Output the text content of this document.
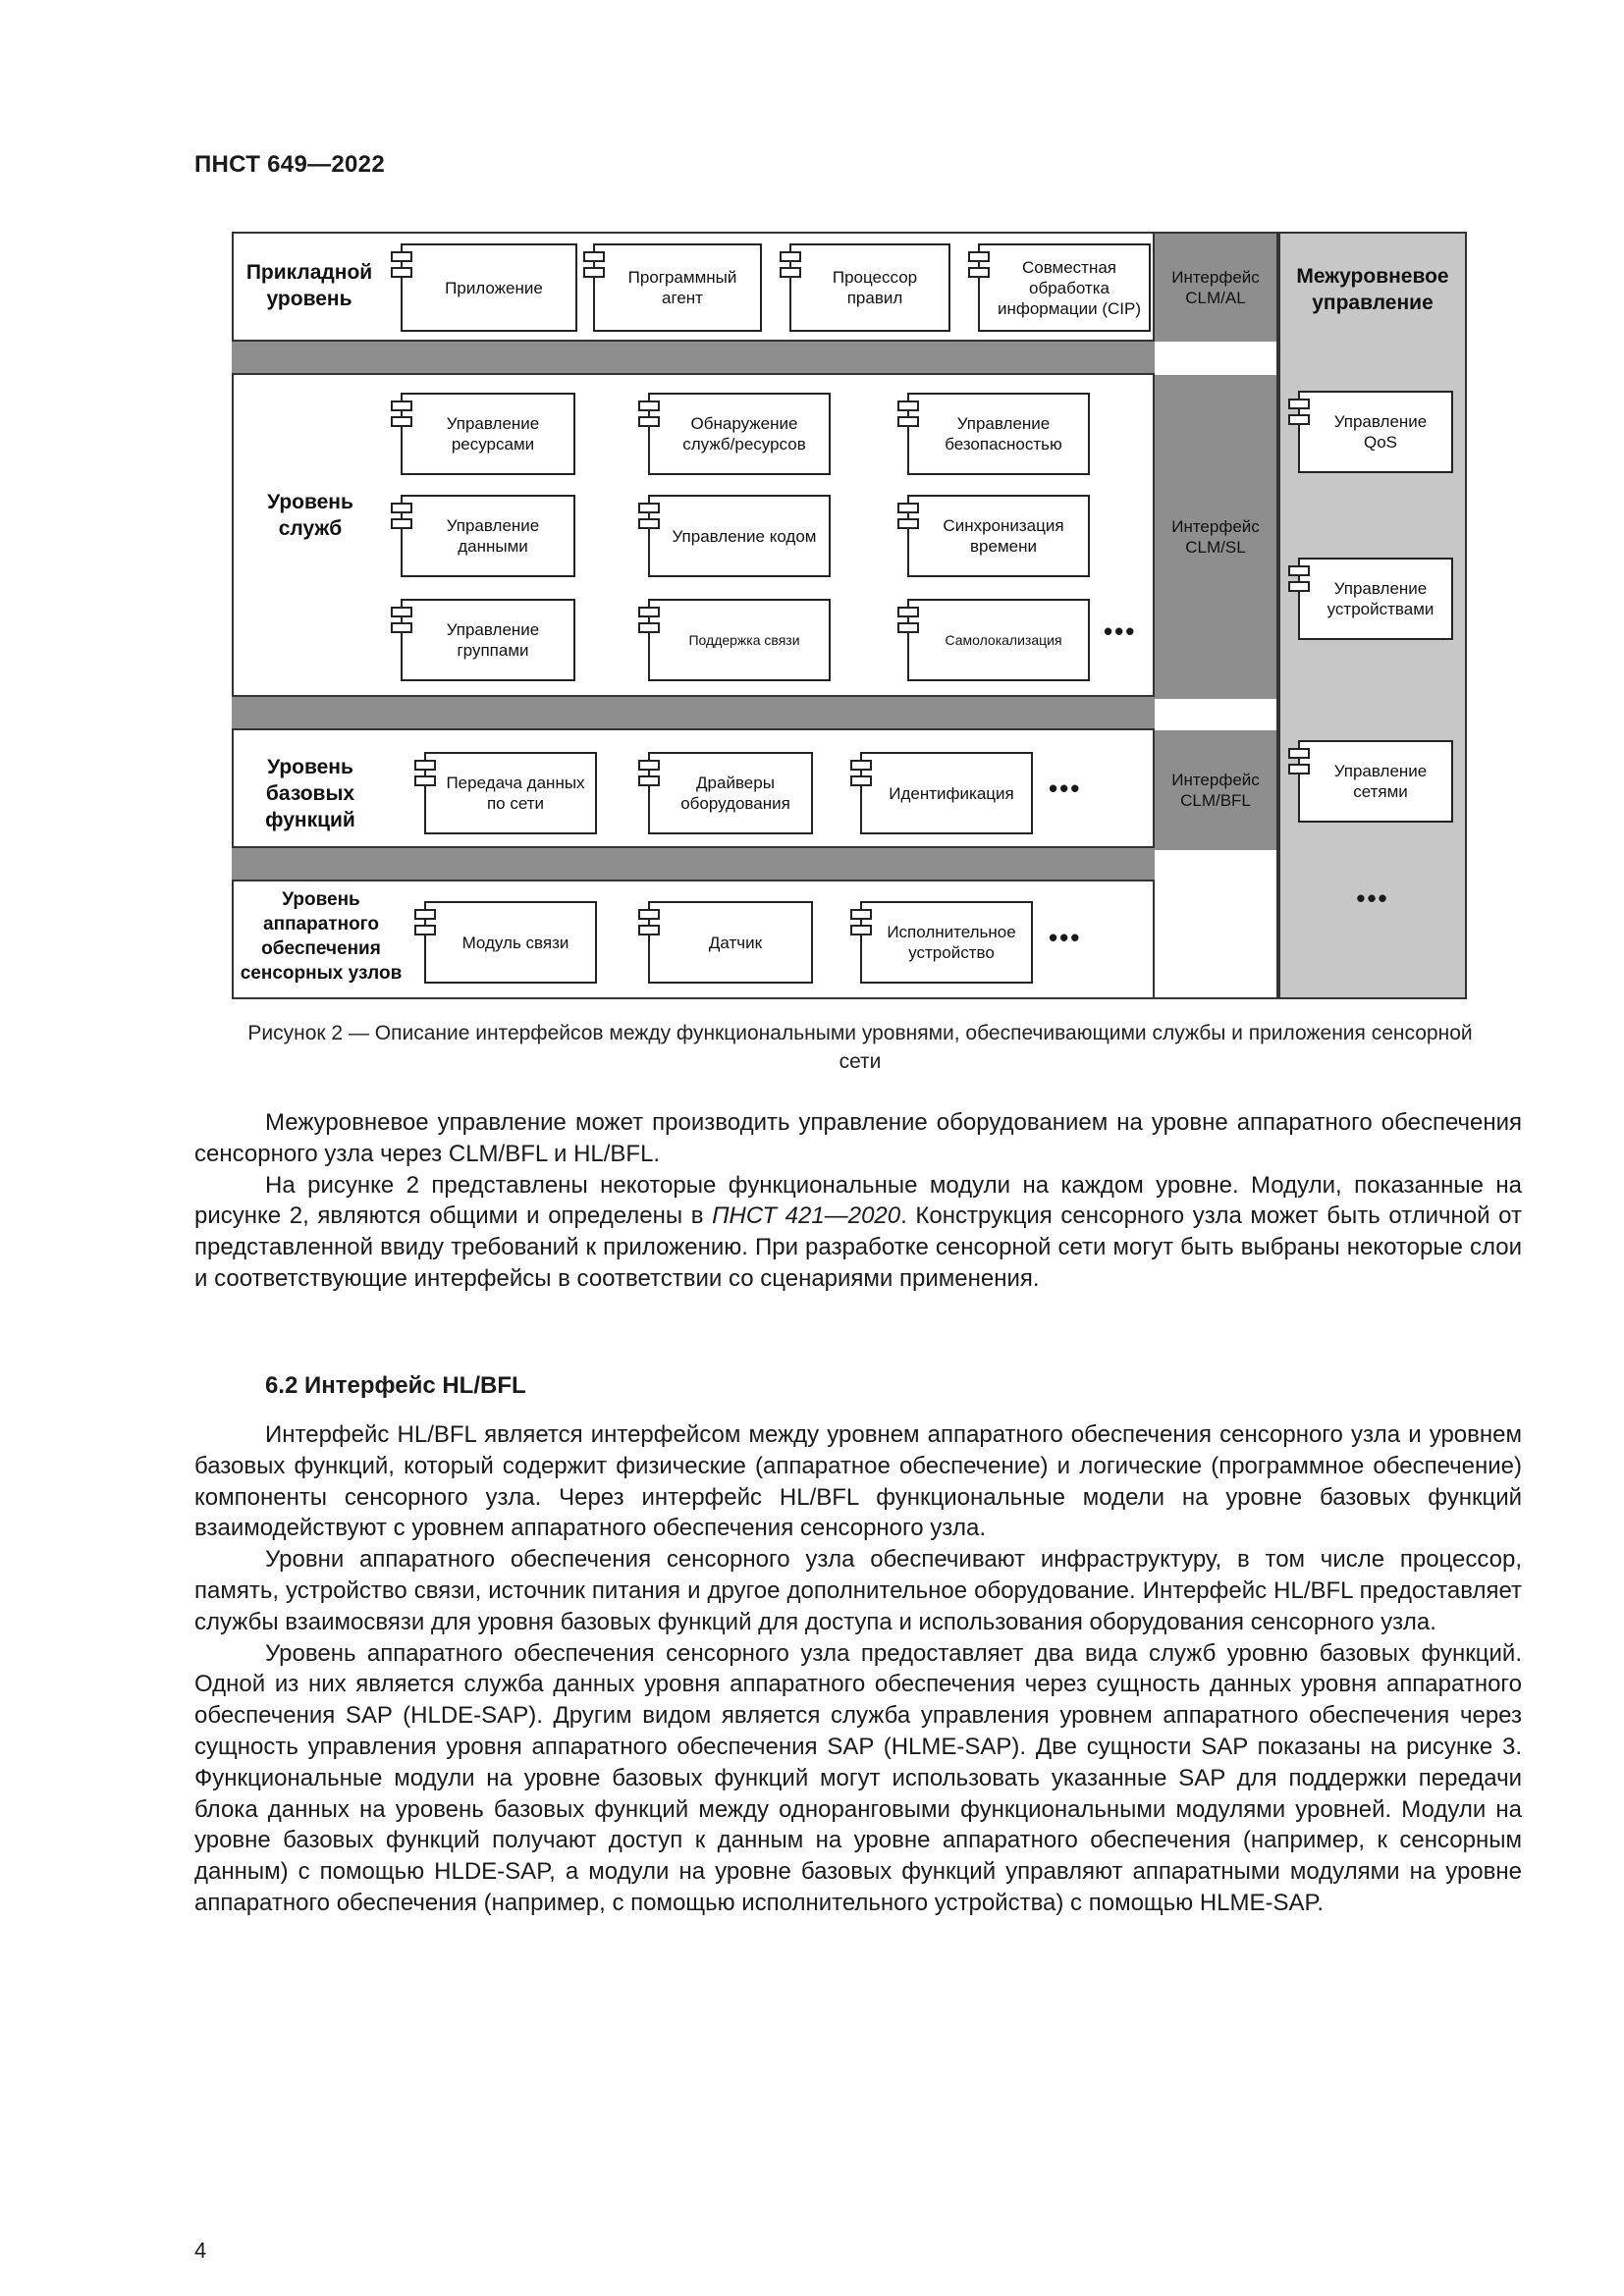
ПНСТ 649—2022
Прикладной уровень	Приложение
Программный агент
Процессор правил
Совместная обработка информации (CIP)
Уровень служб
Управление ресурсами
Обнаружение служб/ресурсов
Управление безопасностью
Управление данными
Управление кодом
Синхронизация времени
Управление группами
Поддержка связи	Самолокализация •••
Уровень базовых функций
Передача данных по сети
Драйверы оборудования
Идентификация •••
Уровень аппаратного обеспечения сенсорных узлов
Модуль связи	Датчик
Исполнительное устройство
•••
Интерфейс CLM/AL
Интерфейс CLM/SL
Интерфейс CLM/BFL
Межуровневое управление
Управление QoS
Управление устройствами
Управление сетями
•••
Рисунок 2 — Описание интерфейсов между функциональными уровнями, обеспечивающими службы и приложения сенсорной сети

Межуровневое управление может производить управление оборудованием на уровне аппаратного обеспечения сенсорного узла через CLM/BFL и HL/BFL.

На рисунке 2 представлены некоторые функциональные модули на каждом уровне. Модули, показанные на рисунке 2, являются общими и определены в ПНСТ 421—2020. Конструкция сенсорного узла может быть отличной от представленной ввиду требований к приложению. При разработке сенсорной сети могут быть выбраны некоторые слои и соответствующие интерфейсы в соответствии со сценариями применения.

6.2 Интерфейс HL/BFL

Интерфейс HL/BFL является интерфейсом между уровнем аппаратного обеспечения сенсорного узла и уровнем базовых функций, который содержит физические (аппаратное обеспечение) и логические (программное обеспечение) компоненты сенсорного узла. Через интерфейс HL/BFL функциональные модели на уровне базовых функций взаимодействуют с уровнем аппаратного обеспечения сенсорного узла.

Уровни аппаратного обеспечения сенсорного узла обеспечивают инфраструктуру, в том числе процессор, память, устройство связи, источник питания и другое дополнительное оборудование. Интерфейс HL/BFL предоставляет службы взаимосвязи для уровня базовых функций для доступа и использования оборудования сенсорного узла.

Уровень аппаратного обеспечения сенсорного узла предоставляет два вида служб уровню базовых функций. Одной из них является служба данных уровня аппаратного обеспечения через сущность данных уровня аппаратного обеспечения SAP (HLDE-SAP). Другим видом является служба управления уровнем аппаратного обеспечения через сущность управления уровня аппаратного обеспечения SAP (HLME-SAP). Две сущности SAP показаны на рисунке 3. Функциональные модули на уровне базовых функций могут использовать указанные SAP для поддержки передачи блока данных на уровень базовых функций между одноранговыми функциональными модулями уровней. Модули на уровне базовых функций получают доступ к данным на уровне аппаратного обеспечения (например, к сенсорным данным) с помощью HLDE-SAP, а модули на уровне базовых функций управляют аппаратными модулями на уровне аппаратного обеспечения (например, с помощью исполнительного устройства) с помощью HLME-SAP.

4
